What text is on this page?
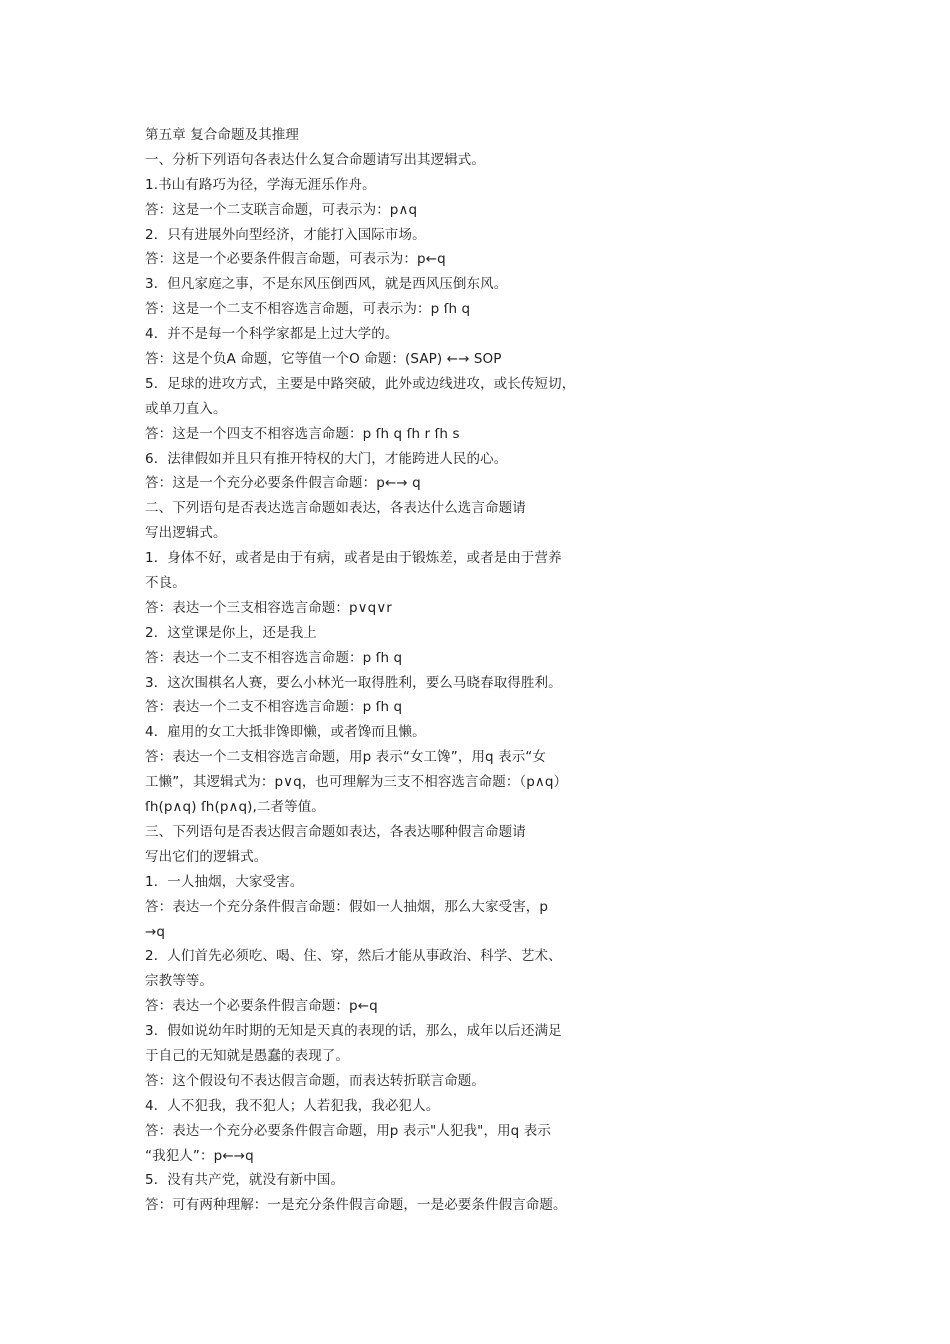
第五章 复合命题及其推理
一、分析下列语句各表达什么复合命题请写出其逻辑式。
1.书山有路巧为径，学海无涯乐作舟。
答：这是一个二支联言命题，可表示为：p∧q
2．只有进展外向型经济，才能打入国际市场。
答：这是一个必要条件假言命题，可表示为：p←q
3．但凡家庭之事，不是东风压倒西风，就是西风压倒东风。
答：这是一个二支不相容选言命题，可表示为：p ſh q
4．并不是每一个科学家都是上过大学的。
答：这是个负A 命题，它等值一个O 命题：(SAP) ←→ SOP
5．足球的进攻方式，主要是中路突破，此外或边线进攻，或长传短切，
或单刀直入。
答：这是一个四支不相容选言命题：p ſh q ſh r ſh s
6．法律假如并且只有推开特权的大门，才能跨进人民的心。
答：这是一个充分必要条件假言命题：p←→ q
二、下列语句是否表达选言命题如表达，各表达什么选言命题请
写出逻辑式。
1．身体不好，或者是由于有病，或者是由于锻炼差，或者是由于营养
不良。
答：表达一个三支相容选言命题：p∨q∨r
2．这堂课是你上，还是我上
答：表达一个二支不相容选言命题：p ſh q
3．这次围棋名人赛，要么小林光一取得胜利，要么马晓春取得胜利。
答：表达一个二支不相容选言命题：p ſh q
4．雇用的女工大抵非馋即懒，或者馋而且懒。
答：表达一个二支相容选言命题，用p 表示“女工馋”，用q 表示“女
工懒”，其逻辑式为：p∨q，也可理解为三支不相容选言命题：（p∧q）
ſh(p∧q) ſh(p∧q),二者等值。
三、下列语句是否表达假言命题如表达，各表达哪种假言命题请
写出它们的逻辑式。
1．一人抽烟，大家受害。
答：表达一个充分条件假言命题：假如一人抽烟，那么大家受害，p
→q
2．人们首先必须吃、喝、住、穿，然后才能从事政治、科学、艺术、
宗教等等。
答：表达一个必要条件假言命题：p←q
3．假如说幼年时期的无知是天真的表现的话，那么，成年以后还满足
于自己的无知就是愚蠢的表现了。
答：这个假设句不表达假言命题，而表达转折联言命题。
4．人不犯我，我不犯人；人若犯我，我必犯人。
答：表达一个充分必要条件假言命题，用p 表示"人犯我"，用q 表示
“我犯人”：p←→q
5．没有共产党，就没有新中国。
答：可有两种理解：一是充分条件假言命题，一是必要条件假言命题。
